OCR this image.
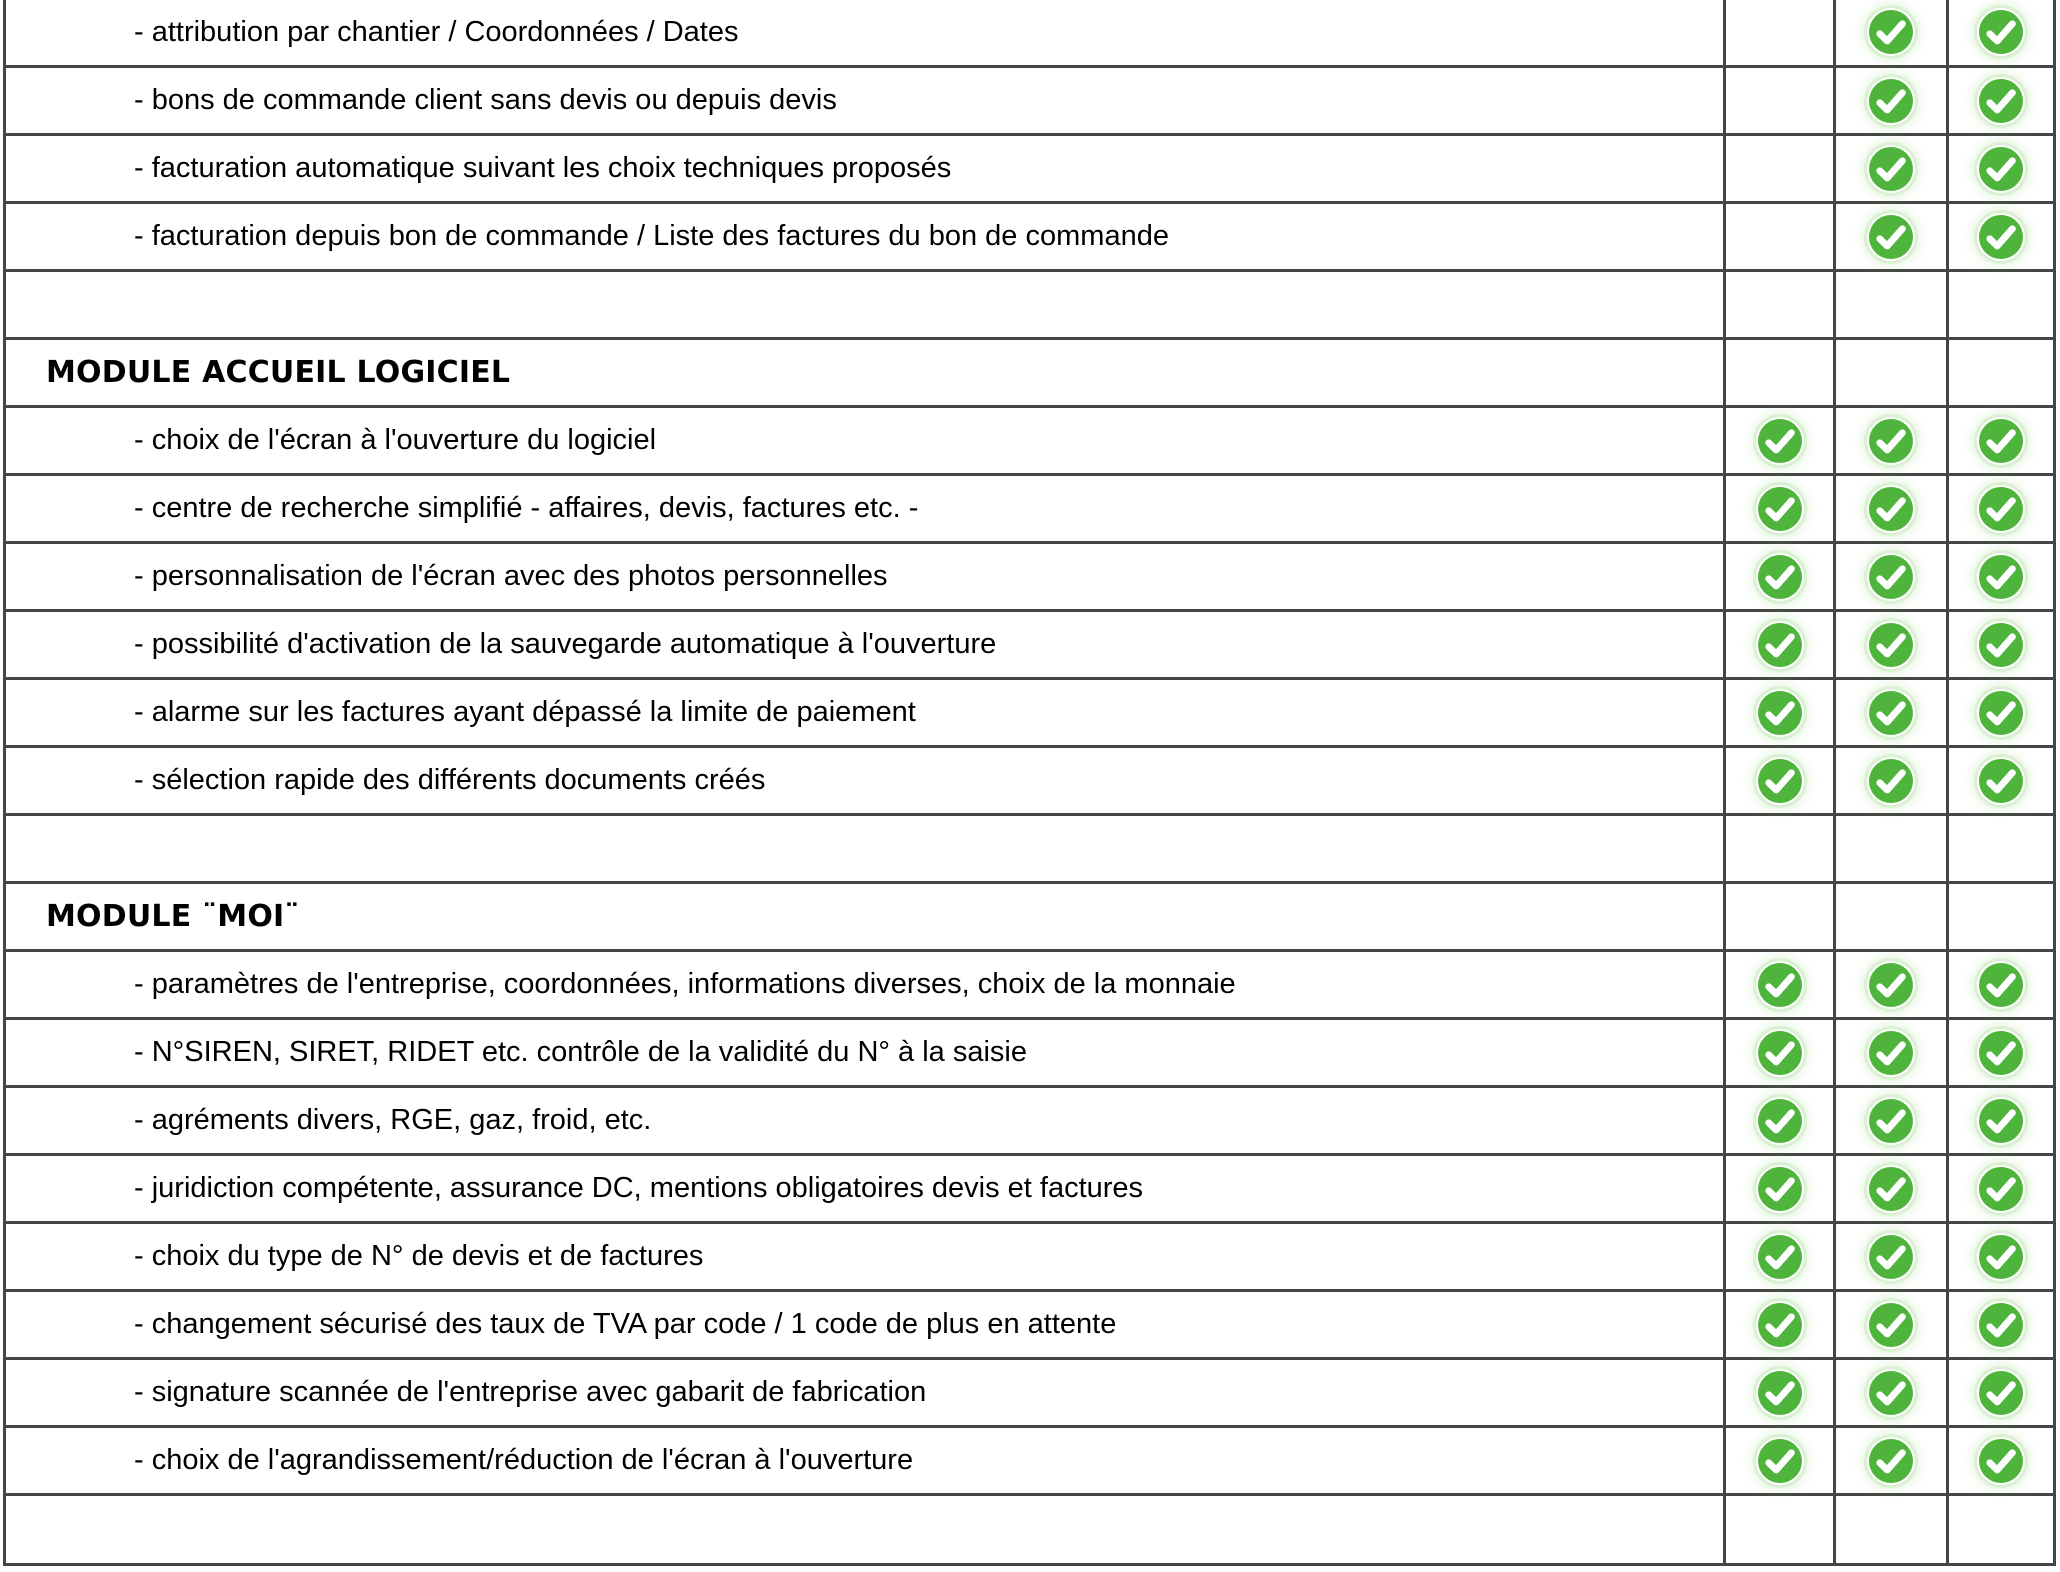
- attribution par chantier / Coordonnées / Dates		

- bons de commande client sans devis ou depuis devis		

- facturation automatique suivant les choix techniques proposés		

- facturation depuis bon de commande / Liste des factures du bon de commande		

MODULE ACCUEIL LOGICIEL			
- choix de l'écran à l'ouverture du logiciel	

- centre de recherche simplifié - affaires, devis, factures etc. -	

- personnalisation de l'écran avec des photos personnelles	

- possibilité d'activation de la sauvegarde automatique à l'ouverture	

- alarme sur les factures ayant dépassé la limite de paiement	

- sélection rapide des différents documents créés	

MODULE ¨MOI¨			
- paramètres de l'entreprise, coordonnées, informations diverses, choix de la monnaie	

- N°SIREN, SIRET, RIDET etc. contrôle de la validité du N° à la saisie	

- agréments divers, RGE, gaz, froid, etc.	

- juridiction compétente, assurance DC, mentions obligatoires devis et factures	

- choix du type de N° de devis et de factures	

- changement sécurisé des taux de TVA par code / 1 code de plus en attente	

- signature scannée de l'entreprise avec gabarit de fabrication	

- choix de l'agrandissement/réduction de l'écran à l'ouverture	
